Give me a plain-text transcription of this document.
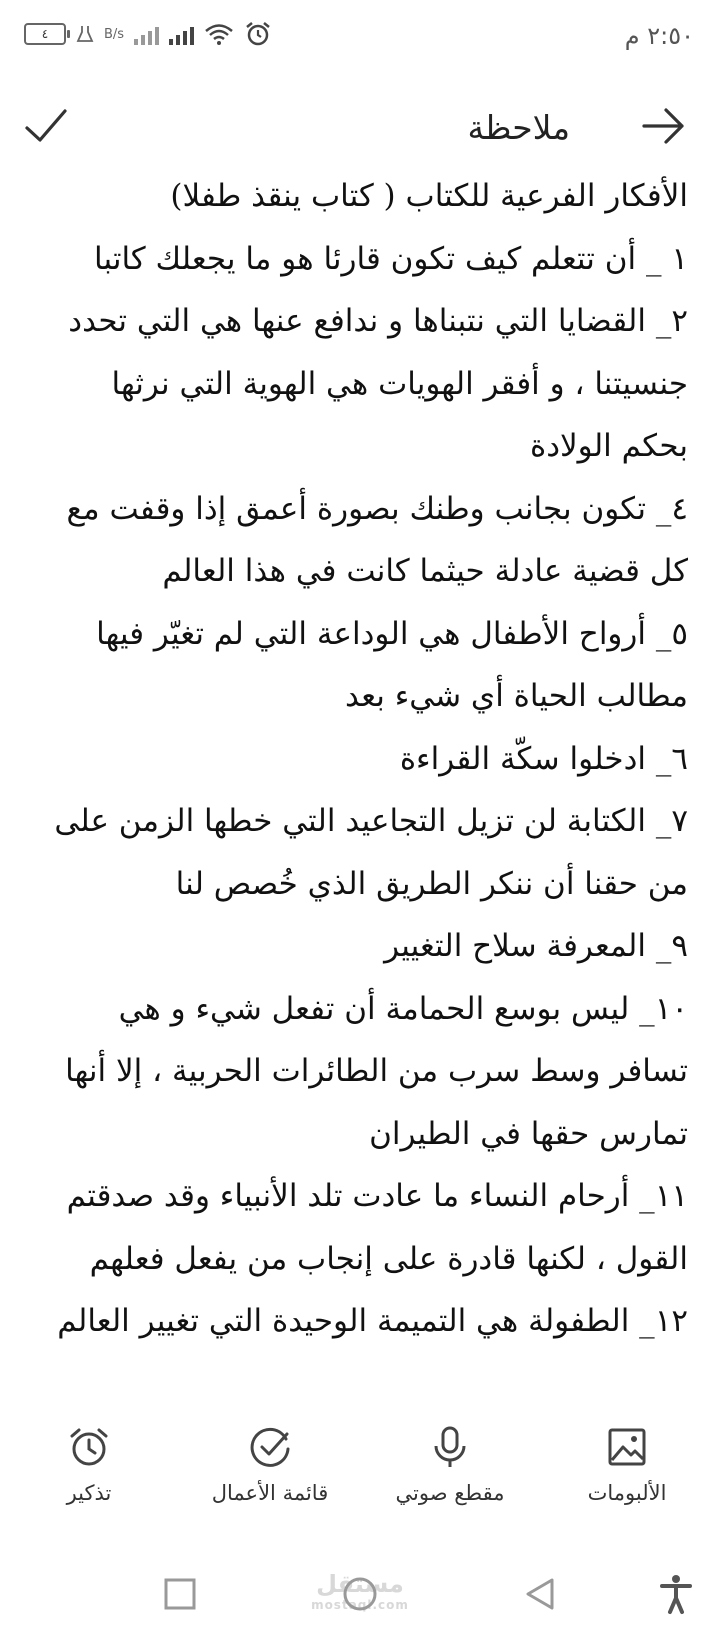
٤	B/s	٢:٥٠ م
ملاحظة

الأفكار الفرعية للكتاب ( كتاب ينقذ طفلا)

١ _ أن تتعلم كيف تكون قارئا هو ما يجعلك كاتبا

٢_ القضايا التي نتبناها و ندافع عنها هي التي تحدد جنسيتنا ، و أفقر الهويات هي الهوية التي نرثها بحكم الولادة

٤_ تكون بجانب وطنك بصورة أعمق إذا وقفت مع كل قضية عادلة حيثما كانت في هذا العالم

٥_ أرواح الأطفال هي الوداعة التي لم تغيّر فيها مطالب الحياة أي شيء بعد

٦_ ادخلوا سكّة القراءة

٧_ الكتابة لن تزيل التجاعيد التي خطها الزمن على من حقنا أن ننكر الطريق الذي خُصص لنا

٩_ المعرفة سلاح التغيير

١٠_ ليس بوسع الحمامة أن تفعل شيء و هي تسافر وسط سرب من الطائرات الحربية ، إلا أنها تمارس حقها في الطيران

١١_ أرحام النساء ما عادت تلد الأنبياء وقد صدقتم القول ، لكنها قادرة على إنجاب من يفعل فعلهم

١٢_ الطفولة هي التميمة الوحيدة التي تغيير العالم

تذكير	قائمة الأعمال	مقطع صوتي	الألبومات
مستقل
mostaql.com
